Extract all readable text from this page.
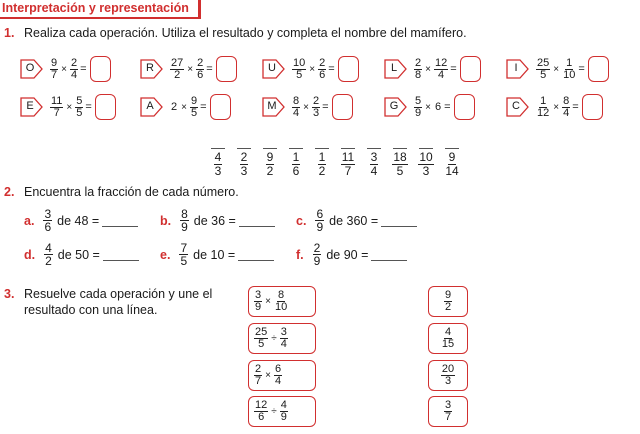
Interpretación y representación
1. Realiza cada operación. Utiliza el resultado y completa el nombre del mamífero.
O $\frac{9}{7} \times \frac{2}{4}$ =	R $\frac{27}{2} \times \frac{2}{6}$ =	U $\frac{10}{5} \times \frac{2}{6}$ =	L $\frac{2}{8} \times \frac{12}{4}$ =	I	$\frac{25}{5} \times \frac{1}{10}$ =
E $\frac{11}{7} \times \frac{5}{5}$ =	A $2 \times \frac{9}{5}$ =	M $\frac{8}{4} \times \frac{2}{3}$ =	G $\frac{5}{9} \times 6$ =	C $\frac{1}{12} \times \frac{8}{4}$ =
$\frac{4}{3} \frac{2}{3} \frac{9}{2} \frac{1}{6} \frac{1}{2} \frac{11}{7} \frac{3}{4} \frac{18}{5} \frac{10}{3} \frac{9}{14}$
2. Encuentra la fracción de cada número.
a. $\frac{3}{6}$ de 48 =	b. $\frac{8}{9}$ de 36 =	c. $\frac{6}{9}$ de 360 =
d. $\frac{4}{2}$ de 50 =	e. $\frac{7}{5}$ de 10 =	f. $\frac{2}{9}$ de 90 =
3. Resuelve cada operación y une el
resultado con una línea.	$\frac{3}{9} \times \frac{8}{10}$
$\frac{25}{5} \div \frac{3}{4}$
$\frac{2}{7} \times \frac{6}{4}$
$\frac{12}{6} \div \frac{4}{9}$
$\frac{9}{2}$
$\frac{4}{15}$
$\frac{20}{3}$
$\frac{3}{7}$
